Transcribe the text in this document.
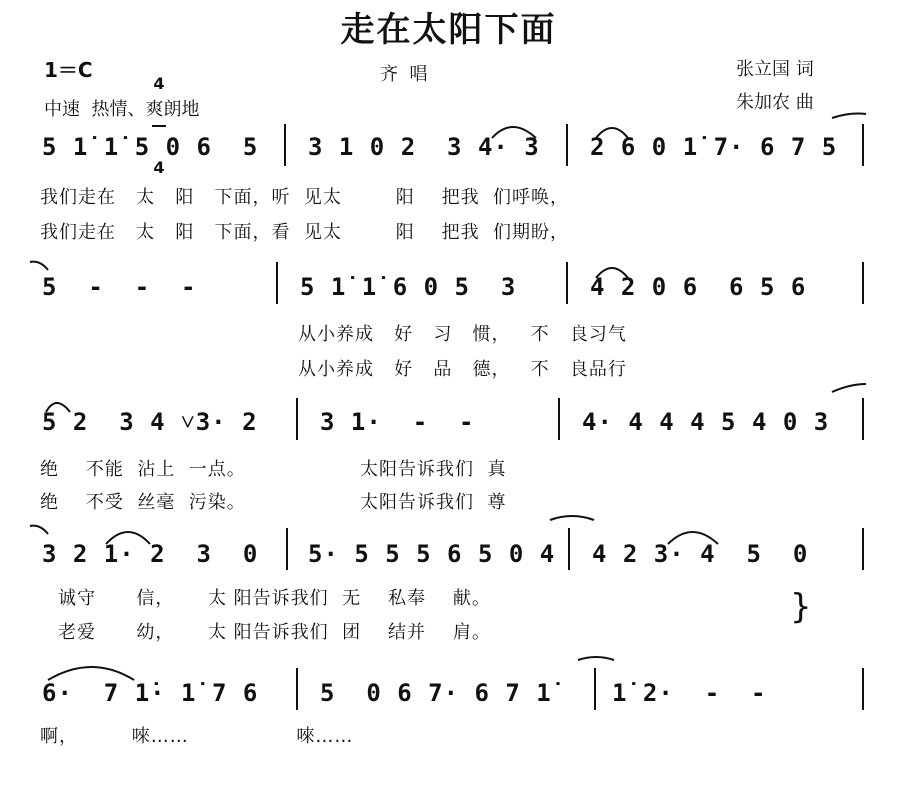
走在太阳下面
1＝C

4

4

齐  唱
中速  热情、爽朗地
张立国 词
朱加农 曲
5 1̇ 1̇ 5 0 6  5 3 1 0 2  3 4· 3 2 6 0 1̇ 7· 6 7 5
我们走在   太   阳   下面，听  见太        阳    把我  们呼唤，
我们走在   太   阳   下面，看  见太        阳    把我  们期盼，
5  -  -  -	5 1̇ 1̇ 6 0 5  3	4 2 0 6  6 5 6
从小养成   好   习   惯，   不   良习气
从小养成   好   品   德，   不   良品行
5 2  3 4 ˅3· 2	3 1·  -  -	4· 4 4 4 5 4 0 3
绝    不能  沾上  一点。                 太阳告诉我们  真
绝    不受  丝毫  污染。                 太阳告诉我们  尊
3 2 1· 2  3  0 5· 5 5 5 6 5 0 4 4 2 3· 4  5  0
诚守      信，     太 阳告诉我们  无    私奉    献。
老爱      幼，     太 阳告诉我们  团    结并    肩。
}
6·  7 1̇· 1̇ 7 6	5  0 6 7· 6 7 1̇	1̇ 2·  -  -
啊，        唻……                唻……
